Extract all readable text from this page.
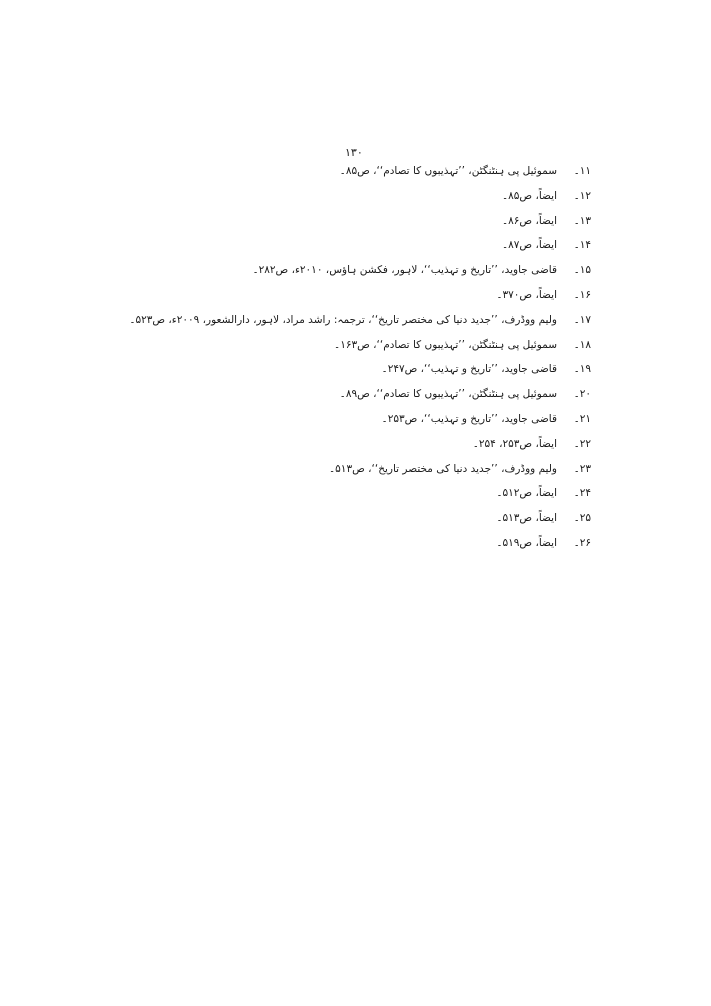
۱۳۰
۱۱۔
سموئیل پی ہنٹنگٹن، ’’تہذیبوں کا تصادم‘‘، ص۸۵۔
۱۲۔
ایضاً، ص۸۵۔
۱۳۔
ایضاً، ص۸۶۔
۱۴۔
ایضاً، ص۸۷۔
۱۵۔
قاضی جاوید، ’’تاریخ و تہذیب‘‘، لاہور، فکشن ہاؤس، ۲۰۱۰ء، ص۲۸۲۔
۱۶۔
ایضاً، ص۳۷۰۔
۱۷۔
ولیم ووڈرف، ’’جدید دنیا کی مختصر تاریخ‘‘، ترجمہ: راشد مراد، لاہور، دارالشعور، ۲۰۰۹ء، ص۵۲۳۔
۱۸۔
سموئیل پی ہنٹنگٹن، ’’تہذیبوں کا تصادم‘‘، ص۱۶۳۔
۱۹۔
قاضی جاوید، ’’تاریخ و تہذیب‘‘، ص۲۴۷۔
۲۰۔
سموئیل پی ہنٹنگٹن، ’’تہذیبوں کا تصادم‘‘، ص۸۹۔
۲۱۔
قاضی جاوید، ’’تاریخ و تہذیب‘‘، ص۲۵۳۔
۲۲۔
ایضاً، ص۲۵۳، ۲۵۴۔
۲۳۔
ولیم ووڈرف، ’’جدید دنیا کی مختصر تاریخ‘‘، ص۵۱۳۔
۲۴۔
ایضاً، ص۵۱۲۔
۲۵۔
ایضاً، ص۵۱۳۔
۲۶۔
ایضاً، ص۵۱۹۔
